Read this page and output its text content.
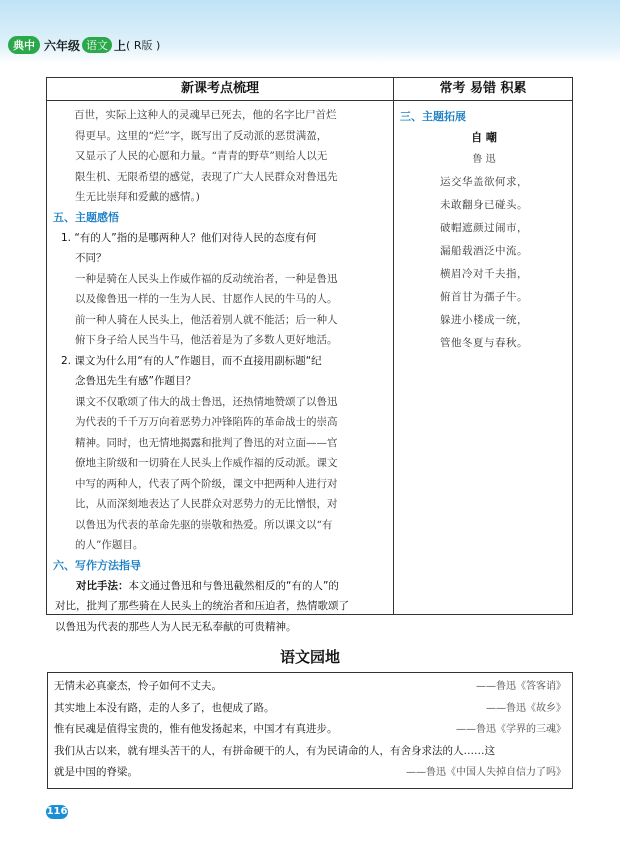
典中 六年级 语文 上 ( R版 )
新课考点梳理

百世，实际上这种人的灵魂早已死去，他的名字比尸首烂

得更早。这里的“烂”字，既写出了反动派的恶贯满盈，

又显示了人民的心愿和力量。“青青的野草”则给人以无

限生机、无限希望的感觉，表现了广大人民群众对鲁迅先

生无比崇拜和爱戴的感情。)

五、主题感悟

1. “有的人”指的是哪两种人？他们对待人民的态度有何

不同？

一种是骑在人民头上作威作福的反动统治者，一种是鲁迅

以及像鲁迅一样的一生为人民、甘愿作人民的牛马的人。

前一种人骑在人民头上，他活着别人就不能活；后一种人

俯下身子给人民当牛马，他活着是为了多数人更好地活。

2. 课文为什么用“有的人”作题目，而不直接用副标题“纪

念鲁迅先生有感”作题目？

课文不仅歌颂了伟大的战士鲁迅，还热情地赞颂了以鲁迅

为代表的千千万万向着恶势力冲锋陷阵的革命战士的崇高

精神。同时，也无情地揭露和批判了鲁迅的对立面——官

僚地主阶级和一切骑在人民头上作威作福的反动派。课文

中写的两种人，代表了两个阶级，课文中把两种人进行对

比，从而深刻地表达了人民群众对恶势力的无比憎恨，对

以鲁迅为代表的革命先驱的崇敬和热爱。所以课文以“有

的人”作题目。

六、写作方法指导

对比手法：本文通过鲁迅和与鲁迅截然相反的“有的人”的

对比，批判了那些骑在人民头上的统治者和压迫者，热情歌颂了

以鲁迅为代表的那些人为人民无私奉献的可贵精神。

常考 易错 积累

三、主题拓展

自 嘲

鲁 迅

运交华盖欲何求，

未敢翻身已碰头。

破帽遮颜过闹市，

漏船载酒泛中流。

横眉冷对千夫指，

俯首甘为孺子牛。

躲进小楼成一统，

管他冬夏与春秋。

语文园地
无情未必真豪杰，怜子如何不丈夫。	——鲁迅《答客诮》
其实地上本没有路，走的人多了，也便成了路。	——鲁迅《故乡》
惟有民魂是值得宝贵的，惟有他发扬起来，中国才有真进步。	——鲁迅《学界的三魂》
我们从古以来，就有埋头苦干的人，有拼命硬干的人，有为民请命的人，有舍身求法的人……这
就是中国的脊梁。	——鲁迅《中国人失掉自信力了吗》
116
